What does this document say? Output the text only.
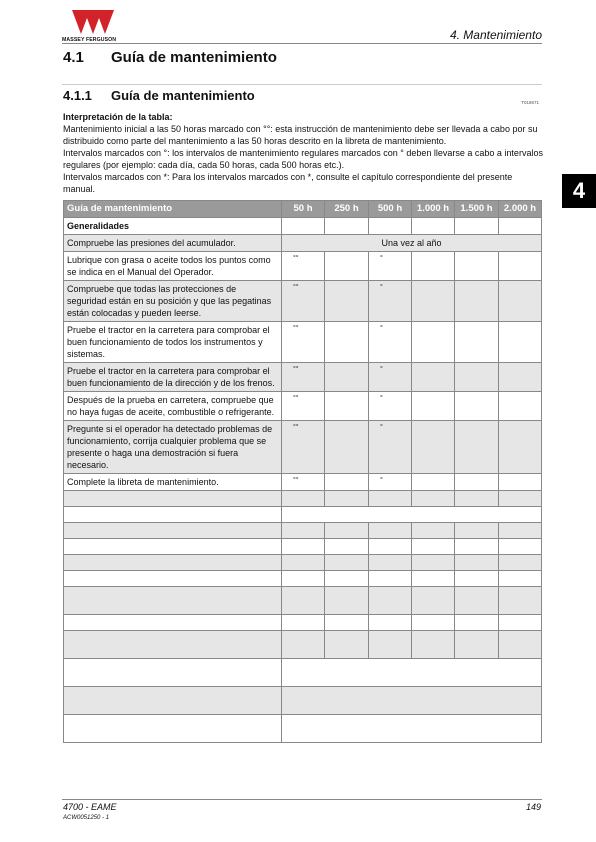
MASSEY FERGUSON	4. Mantenimiento
4
4.1 Guía de mantenimiento
4.1.1 Guía de mantenimiento	T018671

Interpretación de la tabla:

Mantenimiento inicial a las 50 horas marcado con °°: esta instrucción de mantenimiento debe ser llevada a cabo por su distribuido como parte del mantenimiento a las 50 horas descrito en la libreta de mantenimiento.

Intervalos marcados con °: los intervalos de mantenimiento regulares marcados con ° deben llevarse a cabo a intervalos regulares (por ejemplo: cada día, cada 50 horas, cada 500 horas etc.).

Intervalos marcados con *: Para los intervalos marcados con *, consulte el capítulo correspondiente del presente manual.

Guía de mantenimiento	50 h	250 h	500 h	1.000 h	1.500 h	2.000 h
Generalidades						
Compruebe las presiones del acumulador.	Una vez al año					
Lubrique con grasa o aceite todos los puntos como se indica en el Manual del Operador.	°°		°			
Compruebe que todas las protecciones de seguridad están en su posición y que las pegatinas están colocadas y pueden leerse.	°°		°			
Pruebe el tractor en la carretera para comprobar el buen funcionamiento de todos los instrumentos y sistemas.	°°		°			
Pruebe el tractor en la carretera para comprobar el buen funcionamiento de la dirección y de los frenos.	°°		°			
Después de la prueba en carretera, compruebe que no haya fugas de aceite, combustible o refrigerante.	°°		°			
Pregunte si el operador ha detectado problemas de funcionamiento, corrija cualquier problema que se presente o haga una demostración si fuera necesario.	°°		°			
Complete la libreta de mantenimiento.	°°		°			

4700 - EAME	149
ACW0051250 - 1
